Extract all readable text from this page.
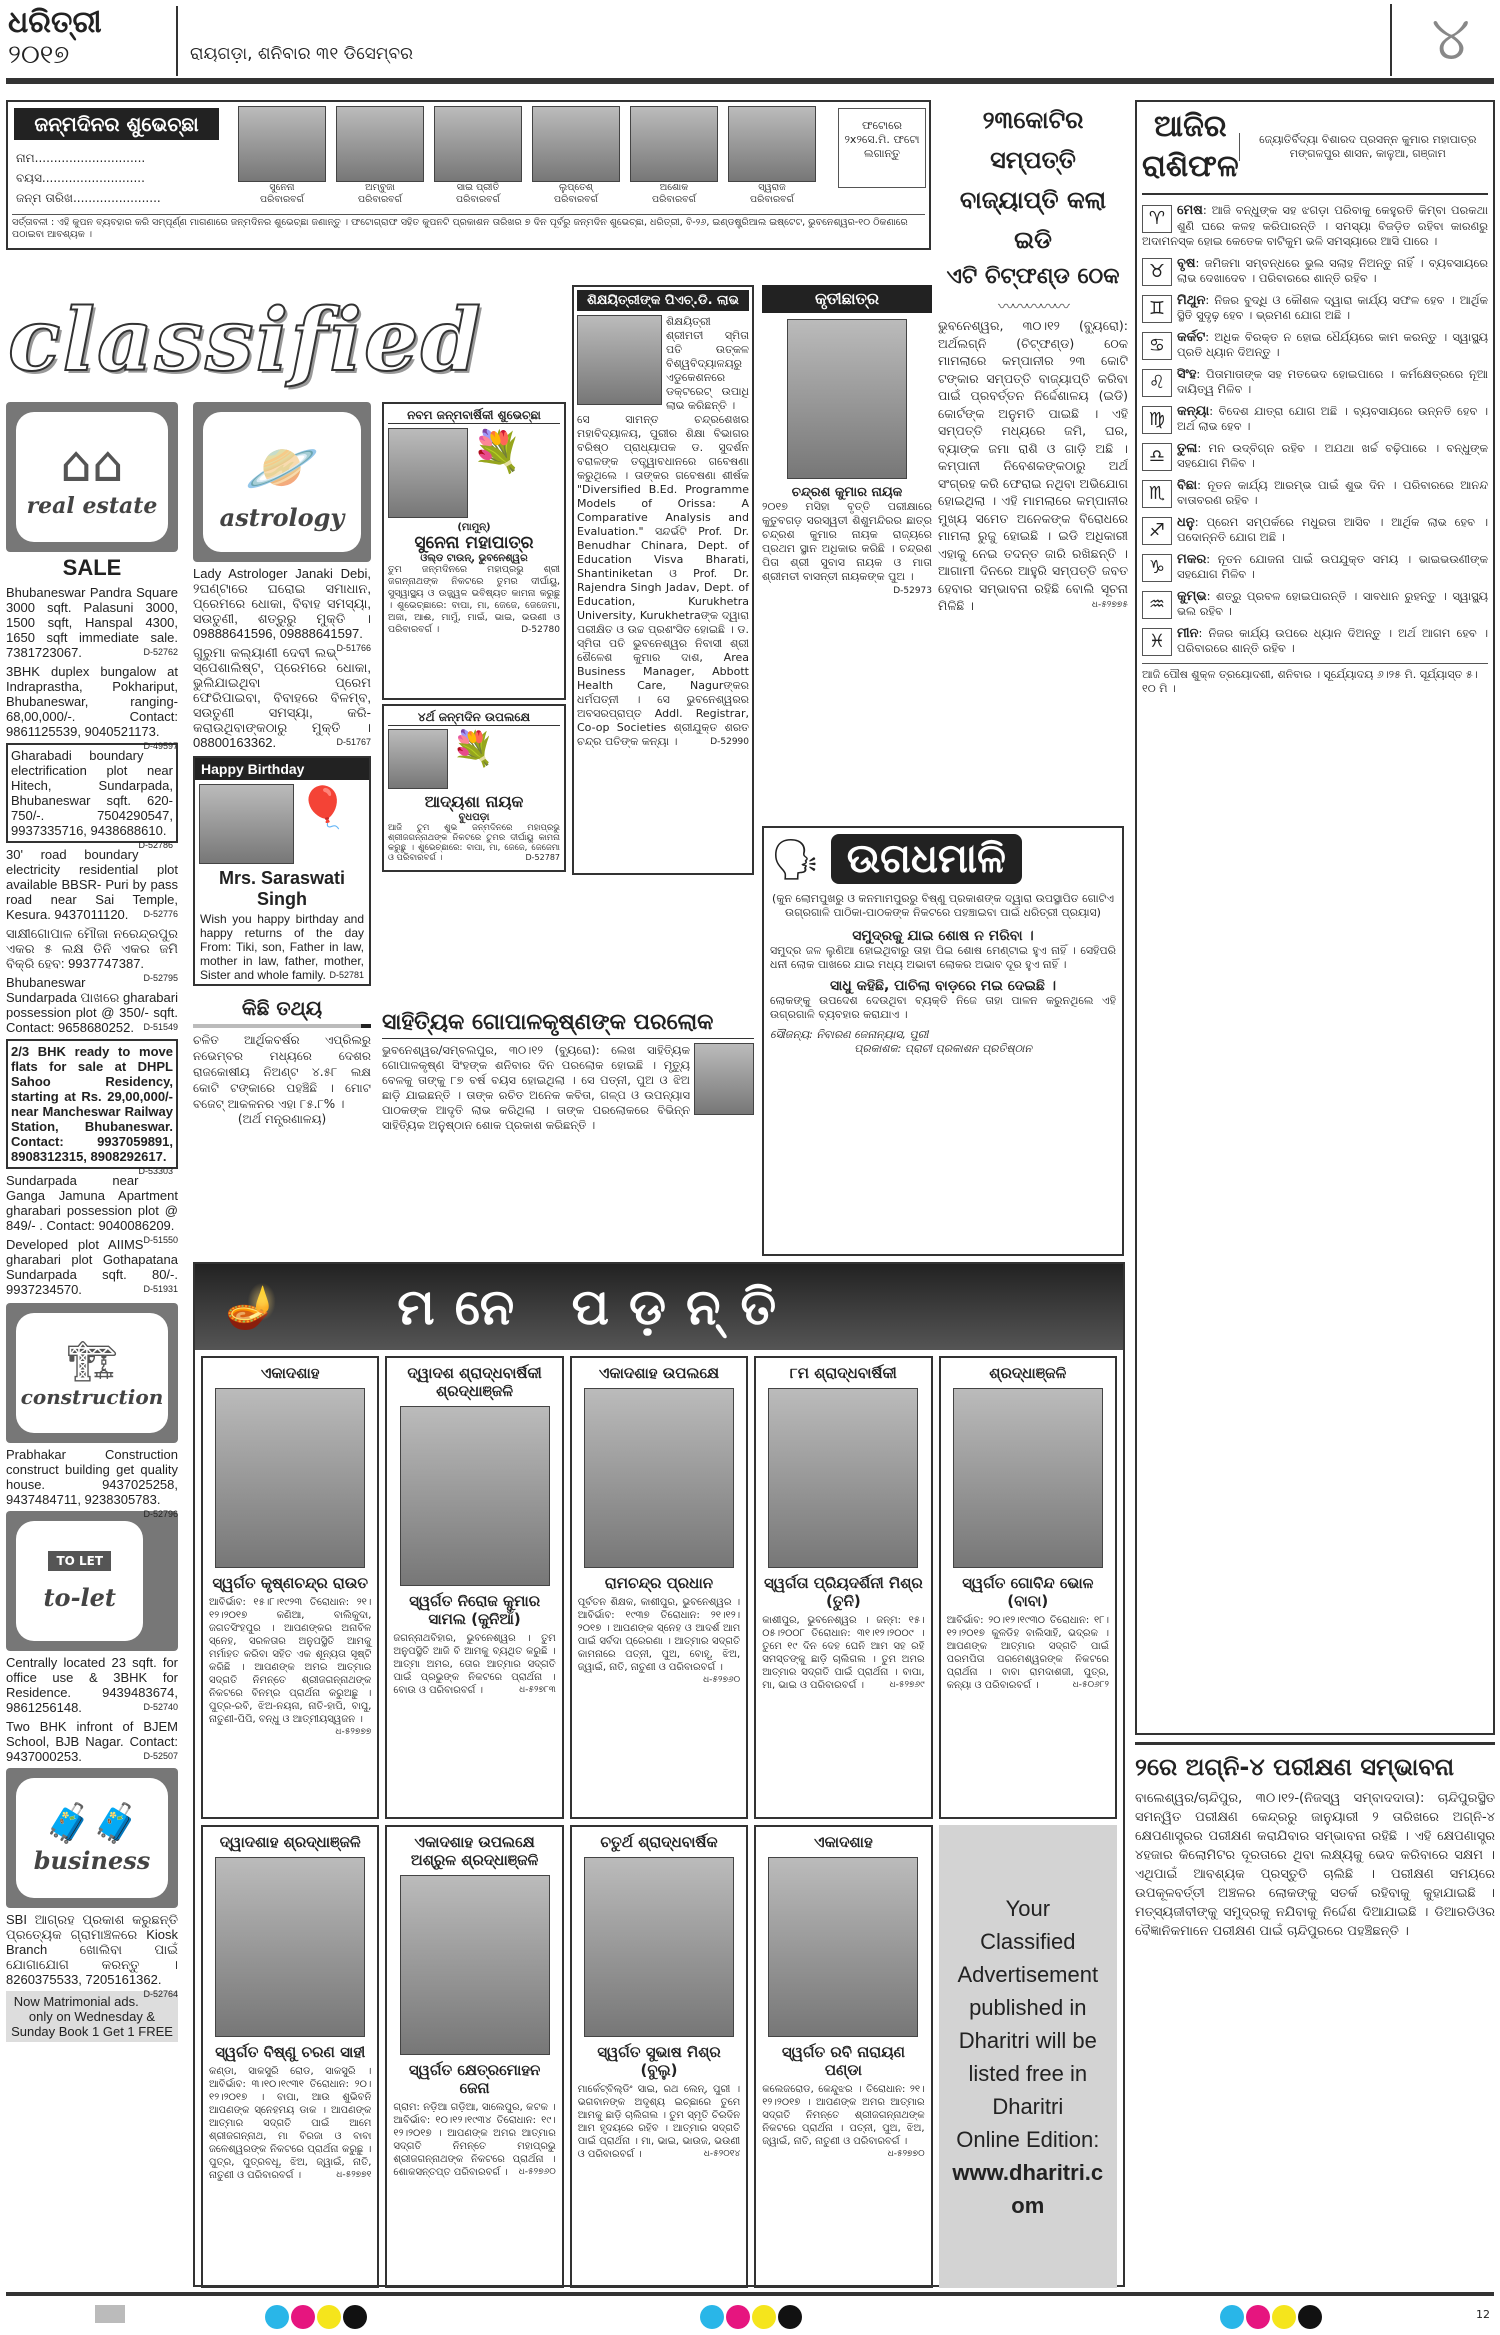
ଧରିତ୍ରୀ
୨୦୧୭	ରାୟଗଡ଼ା, ଶନିବାର ୩୧ ଡିସେମ୍ବର	୪
ଜନ୍ମଦିନର ଶୁଭେଚ୍ଛା
ନାମ.............................
ବୟସ...........................
ଜନ୍ମ ତାରିଖ.......................
ସୁନେନା
ପରିବାରବର୍ଗ
ଅମ୍ବୁଜା
ପରିବାରବର୍ଗ
ସାଇ ପ୍ରୀତି
ପରିବାରବର୍ଗ
ଲୁପ୍ତେଶ୍
ପରିବାରବର୍ଗ
ଅଶୋକ
ପରିବାରବର୍ଗ
ସ୍ୱରାଜ
ପରିବାରବର୍ଗ
ଫଟୋରେ ୨x୨ସେ.ମି. ଫଟୋ ଲଗାନ୍ତୁ
ସର୍ତ୍ତାବଳୀ : ଏହି କୁପନ ବ୍ୟବହାର କରି ସମ୍ପୂର୍ଣ୍ଣ ମାଗଣାରେ ଜନ୍ମଦିନର ଶୁଭେଚ୍ଛା ଜଣାନ୍ତୁ । ଫଟୋଗ୍ରାଫ ସହିତ କୁପନଟି ପ୍ରକାଶନ ତାରିଖର ୭ ଦିନ ପୂର୍ବରୁ ଜନ୍ମଦିନ ଶୁଭେଚ୍ଛା, ଧରିତ୍ରୀ, ବି-୨୬, ଇଣ୍ଡଷ୍ଟ୍ରିଆଲ ଇଷ୍ଟେଟ, ଭୁବନେଶ୍ୱର-୧୦ ଠିକଣାରେ ପଠାଇବା ଆବଶ୍ୟକ ।
classified
⌂⌂
real estate
SALE
Bhubaneswar Pandra Square 3000 sqft. Palasuni 3000, 1500 sqft, Hanspal 4300, 1650 sqft immediate sale. 7381723067.	D-52762
3BHK duplex bungalow at Indraprastha, Pokhariput, Bhubaneswar, ranging- 68,00,000/-. Contact: 9861125539, 9040521173.
D-49597
Gharabadi boundary electrification plot near Hitech, Sundarpada, Bhubaneswar sqft. 620-750/-. 7504290547, 9937335716, 9438688610.
D-52786
30' road boundary electricity residential plot available BBSR- Puri by pass road near Sai Temple, Kesura. 9437011120. D-52776
ସାକ୍ଷୀଗୋପାଳ ମୌଜା ନରେନ୍ଦ୍ରପୁର ଏକର ୫ ଲକ୍ଷ ତିନି ଏକର ଜମି ବିକ୍ରି ହେବ: 9937747387.
D-52795
Bhubaneswar Sundarpada ପାଖରେ gharabari possession plot @ 350/- sqft. Contact: 9658680252. D-51549
2/3 BHK ready to move flats for sale at DHPL Sahoo Residency, starting at Rs. 29,00,000/- near Mancheswar Railway Station, Bhubaneswar. Contact: 9937059891, 8908312315, 8908292617.
D-53303
Sundarpada near Ganga Jamuna Apartment gharabari possession plot @ 849/- . Contact: 9040086209.
D-51550
Developed plot AIIMS gharabari plot Gothapatana Sundarpada sqft. 80/-. 9937234570.	D-51931
🏗
construction
Prabhakar Construction construct building get quality house. 9437025258, 9437484711, 9238305783.
D-52796
TO LET
to-let
Centrally located 23 sqft. for office use & 3BHK for Residence. 9439483674, 9861256148.	D-52740
Two BHK infront of BJEM School, BJB Nagar. Contact: 9437000253.	D-52507
🧳🧳
business
SBI ଆଗ୍ରହ ପ୍ରକାଶ କରୁଛନ୍ତି ପ୍ରତ୍ୟେକ ଗ୍ରାମାଞ୍ଚଳରେ Kiosk Branch ଖୋଲିବା ପାଇଁ ଯୋଗାଯୋଗ କରନ୍ତୁ । 8260375533, 7205161362.
D-52764
Now Matrimonial ads. only on Wednesday & Sunday Book 1 Get 1 FREE
🪐
astrology
Lady Astrologer Janaki Debi, ୨ଘଣ୍ଟାରେ ଘରୋଇ ସମାଧାନ, ପ୍ରେମରେ ଧୋକା, ବିବାହ ସମସ୍ୟା, ସଉତୁଣୀ, ଶତ୍ରୁରୁ ମୁକ୍ତି । 09888641596, 09888641597.
D-51766
ଗୁରୁମା କଲ୍ୟାଣୀ ଦେବୀ ଲଭ୍ ସ୍ପେଶାଲିଷ୍ଟ, ପ୍ରେମରେ ଧୋକା, ଭୁଲିଯାଇଥିବା ପ୍ରେମ ଫେରିପାଇବା, ବିବାହରେ ବିଳମ୍ବ, ସଉତୁଣୀ ସମସ୍ୟା, କରି-କରାଉଥିବାଙ୍କଠାରୁ ମୁକ୍ତି । 08800163362.	D-51767
Happy Birthday
🎈
Mrs. Saraswati Singh
Wish you happy birthday and happy returns of the day From: Tiki, son, Father in law, mother in law, father, mother, Sister and whole family. D-52781
କିଛି ତଥ୍ୟ
ଚଳିତ ଆର୍ଥିକବର୍ଷର ଏପ୍ରିଲରୁ ନଭେମ୍ବର ମଧ୍ୟରେ ଦେଶର ରାଜକୋଷୀୟ ନିଅଣ୍ଟ ୪.୫୮ ଲକ୍ଷ କୋଟି ଟଙ୍କାରେ ପହଞ୍ଚିଛି । ମୋଟ ବଜେଟ୍ ଆକଳନର ଏହା ୮୫.୮% ।
(ଅର୍ଥ ମନ୍ତ୍ରଣାଳୟ)
ନବମ ଜନ୍ମବାର୍ଷିକୀ ଶୁଭେଚ୍ଛା
💐
(ମାମୁନ୍)
ସୁନେନା ମହାପାତ୍ର
ଓଲ୍ଡ ଟାଉନ୍, ଭୁବନେଶ୍ୱର
ତୁମ ଜନ୍ମଦିନରେ ମହାପ୍ରଭୁ ଶ୍ରୀ ଜଗନ୍ନାଥଙ୍କ ନିକଟରେ ତୁମର ଦୀର୍ଘାୟୁ, ସୁସ୍ୱାସ୍ଥ୍ୟ ଓ ଉଜ୍ଜ୍ୱଳ ଭବିଷ୍ୟତ କାମନା କରୁଛୁ । ଶୁଭେଚ୍ଛାରେ: ବାପା, ମା, ଜେଜେ, ଜେଜେମା, ଅଜା, ଆଈ, ମାମୁଁ, ମାଇଁ, ଭାଇ, ଭଉଣୀ ଓ ପରିବାରବର୍ଗ ।	D-52780
୪ର୍ଥ ଜନ୍ମଦିନ ଉପଲକ୍ଷେ
💐
ଆଦ୍ୟଶା ନାୟକ
ବୁଧପଡ଼ା
ଆଜି ତୁମ ଶୁଭ ଜନ୍ମଦିନରେ ମହାପ୍ରଭୁ ଶ୍ରୀଜଗନ୍ନାଥଙ୍କ ନିକଟରେ ତୁମର ଦୀର୍ଘାୟୁ କାମନା କରୁଛୁ । ଶୁଭେଚ୍ଛାରେ: ବାପା, ମା, ଜେଜେ, ଜେଜେମା ଓ ପରିବାରବର୍ଗ ।	D-52787
ଶିକ୍ଷୟିତ୍ରୀଙ୍କ ପିଏଚ୍.ଡି. ଲାଭ
ଶିକ୍ଷୟିତ୍ରୀ ଶ୍ରୀମତୀ ସ୍ମିତା ପତି ଉତ୍କଳ ବିଶ୍ୱବିଦ୍ୟାଳୟରୁ ଏଡୁକେଶନରେ ଡକ୍ଟରେଟ୍ ଉପାଧି ଲାଭ କରିଛନ୍ତି ।
ସେ ସାମନ୍ତ ଚନ୍ଦ୍ରଶେଖର ମହାବିଦ୍ୟାଳୟ, ପୁରୀର ଶିକ୍ଷା ବିଭାଗର ବରିଷ୍ଠ ପ୍ରାଧ୍ୟାପକ ଡ. ସୁଦର୍ଶନ ବରାଳଙ୍କ ତତ୍ତ୍ୱାବଧାନରେ ଗବେଷଣା କରୁଥିଲେ । ତାଙ୍କର ଗବେଷଣା ଶୀର୍ଷକ "Diversified B.Ed. Programme Models of Orissa: A Comparative Analysis and Evaluation." ସନ୍ଦର୍ଭଟି Prof. Dr. Benudhar Chinara, Dept. of Education Visva Bharati, Shantiniketan ଓ Prof. Dr. Rajendra Singh Jadav, Dept. of Education, Kurukhetra University, Kurukhetraଙ୍କ ଦ୍ୱାରା ପରୀକ୍ଷିତ ଓ ଉଚ୍ଚ ପ୍ରଶଂସିତ ହୋଇଛି । ଡ. ସ୍ମିତା ପତି ଭୁବନେଶ୍ୱର ନିବାସୀ ଶ୍ରୀ ଶୈଳେଶ କୁମାର ଦାଶ, Area Business Manager, Abbott Health Care, Nagurଙ୍କର ଧର୍ମପତ୍ନୀ । ସେ ଭୁବନେଶ୍ୱରର ଅବସରପ୍ରାପ୍ତ Addl. Registrar, Co-op Societies ଶ୍ରୀଯୁକ୍ତ ଶରତ ଚନ୍ଦ୍ର ପତିଙ୍କ କନ୍ୟା ।	D-52990
କୃତୀଛାତ୍ର
ଚନ୍ଦ୍ରଶ କୁମାର ନାୟକ
୨୦୧୭ ମସିହା ବୃତ୍ତି ପରୀକ୍ଷାରେ କୁତୁବଗଡ଼ ସରସ୍ୱତୀ ଶିଶୁମନ୍ଦିରର ଛାତ୍ର ଚନ୍ଦ୍ରଶ କୁମାର ନାୟକ ରାଜ୍ୟରେ ପ୍ରଥମ ସ୍ଥାନ ଅଧିକାର କରିଛି । ଚନ୍ଦ୍ରଶ ପିତା ଶ୍ରୀ ସୁବାସ ନାୟକ ଓ ମାତା ଶ୍ରୀମତୀ ବାସନ୍ତୀ ନାୟକଙ୍କ ପୁଅ ।
D-52973
୨୩କୋଟିର ସମ୍ପତ୍ତି ବାଜ୍ୟାପ୍ତି କଲା ଇଡି
ଏଟି ଚିଟ୍‌ଫଣ୍ଡ ଠେକ
〰〰〰〰〰
ଭୁବନେଶ୍ୱର, ୩୦।୧୨ (ବ୍ୟୁରୋ): ଅର୍ଥଲଗ୍ନି (ଚିଟ୍‌ଫଣ୍ଡ) ଠେକ ମାମଲାରେ କମ୍ପାନୀର ୨୩ କୋଟି ଟଙ୍କାର ସମ୍ପତ୍ତି ବାଜ୍ୟାପ୍ତି କରିବା ପାଇଁ ପ୍ରବର୍ତ୍ତନ ନିର୍ଦ୍ଦେଶାଳୟ (ଇଡି) କୋର୍ଟଙ୍କ ଅନୁମତି ପାଇଛି । ଏହି ସମ୍ପତ୍ତି ମଧ୍ୟରେ ଜମି, ଘର, ବ୍ୟାଙ୍କ ଜମା ରାଶି ଓ ଗାଡ଼ି ଅଛି । କମ୍ପାନୀ ନିବେଶକଙ୍କଠାରୁ ଅର୍ଥ ସଂଗ୍ରହ କରି ଫେରାଇ ନଥିବା ଅଭିଯୋଗ ହୋଇଥିଲା । ଏହି ମାମଲାରେ କମ୍ପାନୀର ମୁଖ୍ୟ ସମେତ ଅନେକଙ୍କ ବିରୋଧରେ ମାମଲା ରୁଜୁ ହୋଇଛି । ଇଡି ଅଧିକାରୀ ଏହାକୁ ନେଇ ତଦନ୍ତ ଜାରି ରଖିଛନ୍ତି । ଆଗାମୀ ଦିନରେ ଆହୁରି ସମ୍ପତ୍ତି ଜବତ ହେବାର ସମ୍ଭାବନା ରହିଛି ବୋଲି ସୂଚନା ମିଳିଛି ।	ଧ-୫୨୭୭୫
ସାହିତ୍ୟିକ ଗୋପାଳକୃଷ୍ଣଙ୍କ ପରଲୋକ
ଭୁବନେଶ୍ୱର/ସମ୍ବଲପୁର, ୩୦।୧୨ (ବ୍ୟୁରୋ): ଲେଖ ସାହିତ୍ୟିକ ଗୋପାଳକୃଷ୍ଣ ସିଂହଙ୍କ ଶନିବାର ଦିନ ପରଲୋକ ହୋଇଛି । ମୃତ୍ୟୁ ବେଳକୁ ତାଙ୍କୁ ୮୭ ବର୍ଷ ବୟସ ହୋଇଥିଲା । ସେ ପତ୍ନୀ, ପୁଅ ଓ ଝିଅ ଛାଡ଼ି ଯାଇଛନ୍ତି । ତାଙ୍କ ରଚିତ ଅନେକ କବିତା, ଗଳ୍ପ ଓ ଉପନ୍ୟାସ ପାଠକଙ୍କ ଆଦୃତି ଲାଭ କରିଥିଲା । ତାଙ୍କ ପରଲୋକରେ ବିଭିନ୍ନ ସାହିତ୍ୟିକ ଅନୁଷ୍ଠାନ ଶୋକ ପ୍ରକାଶ କରିଛନ୍ତି ।
🗣 ଉଗଧମାଳି
(କୁନ ଲୋମପୁଖରୁ ଓ କନମାମପୁରରୁ ବିଷ୍ଣୁ ପ୍ରକାଶଙ୍କ ଦ୍ୱାରା ଉପସ୍ଥାପିତ ଗୋଟିଏ ଉଗ୍ରଗାଳି ପାଠିକା-ପାଠକଙ୍କ ନିକଟରେ ପହଞ୍ଚାଇବା ପାଇଁ ଧରିତ୍ରୀ ପ୍ରୟାସ)
ସମୁଦ୍ରକୁ ଯାଇ ଶୋଷ ନ ମରିବା ।
ସମୁଦ୍ର ଜଳ ଲୁଣିଆ ହୋଇଥିବାରୁ ତାହା ପିଇ ଶୋଷ ମେଣ୍ଟାଇ ହୁଏ ନାହିଁ । ସେହିପରି ଧନୀ ଲୋକ ପାଖରେ ଯାଇ ମଧ୍ୟ ଅଭାବୀ ଲୋକର ଅଭାବ ଦୂର ହୁଏ ନାହିଁ ।
ସାଧୁ କହିଛି, ପାଚିଲା ବାଡ଼ରେ ମଇ ଦେଇଛି ।
ଲୋକଙ୍କୁ ଉପଦେଶ ଦେଉଥିବା ବ୍ୟକ୍ତି ନିଜେ ତାହା ପାଳନ କରୁନଥିଲେ ଏହି ଉଗ୍ରଗାଳି ବ୍ୟବହାର କରାଯାଏ ।
ସୌଜନ୍ୟ: ନିବାରଣ ଜେନାନ୍ୟାସ, ପୁରୀ
ପ୍ରକାଶକ: ପ୍ରାଚୀ ପ୍ରକାଶନ ପ୍ରତିଷ୍ଠାନ
🪔 ମନେ ପଡ଼ନ୍ତି
ଏକାଦଶାହ
ସ୍ୱର୍ଗତ କୃଷ୍ଣଚନ୍ଦ୍ର ରାଉତ
ଆବିର୍ଭାବ: ୧୫।୮।୧୯୨୩ ତିରୋଧାନ: ୨୧।୧୨।୨୦୧୭ କଣିଆ, ବାଲିକୁଦା, ଜଗତସିଂହପୁର । ଆପଣଙ୍କର ଅନାବିଳ ସ୍ନେହ, ସରଳତାର ଅନୁପସ୍ଥିତି ଆମକୁ ମର୍ମାହତ କରିବା ସହିତ ଏକ ଶୂନ୍ୟତା ସୃଷ୍ଟି କରିଛି । ଆପଣଙ୍କ ଅମର ଆତ୍ମାର ସଦ୍‌ଗତି ନିମନ୍ତେ ଶ୍ରୀଜଗନ୍ନାଥଙ୍କ ନିକଟରେ ବିନମ୍ର ପ୍ରାର୍ଥନା କରୁଅଛୁ । ପୁତ୍ର-ରବି, ଝିଅ-ନୟନା, ନାତି-ହାପି, ବାପୁ, ନାତୁଣୀ-ପିପି, ବନ୍ଧୁ ଓ ଆତ୍ମୀୟସ୍ୱଜନ ।
ଧ-୫୨୭୭୭
ଦ୍ୱାଦଶ ଶ୍ରାଦ୍ଧବାର୍ଷିକୀ ଶ୍ରଦ୍ଧାଞ୍ଜଳି
ସ୍ୱର୍ଗତ ନିରୋଜ କୁମାର ସାମଲ (କୁନିଆଁ)
ଜଗନ୍ନାଥବିହାର, ଭୁବନେଶ୍ୱର । ତୁମ ଅନୁପସ୍ଥିତି ଆଜି ବି ଆମକୁ ବ୍ୟଥିତ କରୁଛି । ଆତ୍ମା ଅମର, ତୋର ଆତ୍ମାର ସଦ୍‌ଗତି ପାଇଁ ପ୍ରଭୁଙ୍କ ନିକଟରେ ପ୍ରାର୍ଥନା । ବୋଉ ଓ ପରିବାରବର୍ଗ ।	ଧ-୫୨୭୮୩
ଏକାଦଶାହ ଉପଲକ୍ଷେ
ରାମଚନ୍ଦ୍ର ପ୍ରଧାନ
ପୂର୍ବତନ ଶିକ୍ଷକ, କାଶୀପୁର, ଭୁବନେଶ୍ୱର । ଆବିର୍ଭାବ: ୧୯୩୭ ତିରୋଧାନ: ୨୧।୧୨।୨୦୧୭ । ଆପଣଙ୍କ ସ୍ନେହ ଓ ଆଦର୍ଶ ଆମ ପାଇଁ ସର୍ବଦା ପ୍ରେରଣା । ଆତ୍ମାର ସଦ୍‌ଗତି କାମନାରେ ପତ୍ନୀ, ପୁଅ, ବୋହୂ, ଝିଅ, ଜ୍ୱାଇଁ, ନାତି, ନାତୁଣୀ ଓ ପରିବାରବର୍ଗ ।
ଧ-୫୨୭୬୦
୮ମ ଶ୍ରାଦ୍ଧବାର୍ଷିକୀ
ସ୍ୱର୍ଗତା ପ୍ରିୟଦର୍ଶିନୀ ମିଶ୍ର (ତୁନି)
କାଶୀପୁର, ଭୁବନେଶ୍ୱର । ଜନ୍ମ: ୧୫।୦୫।୨୦୦୮ ତିରୋଧାନ: ୩୧।୧୨।୨୦୦୯ । ତୁମେ ୧୯ ଦିନ ଦେହ ଘେନି ଆମ ସହ ରହି ସମସ୍ତଙ୍କୁ ଛାଡ଼ି ଚାଲିଗଲ । ତୁମ ଅମର ଆତ୍ମାର ସଦ୍‌ଗତି ପାଇଁ ପ୍ରାର୍ଥନା । ବାପା, ମା, ଭାଇ ଓ ପରିବାରବର୍ଗ ।	ଧ-୫୨୭୬୯
ଶ୍ରଦ୍ଧାଞ୍ଜଳି
ସ୍ୱର୍ଗତ ଗୋବିନ୍ଦ ଭୋଳ (ବାବା)
ଆବିର୍ଭାବ: ୨୦।୧୨।୧୯୩୦ ତିରୋଧାନ: ୧୮।୧୨।୨୦୧୭ କୁଳଡିହ ବାଲିସାହି, ଭଦ୍ରକ । ଆପଣଙ୍କ ଆତ୍ମାର ସଦ୍‌ଗତି ପାଇଁ ପରମପିତା ପରମେଶ୍ୱରଙ୍କ ନିକଟରେ ପ୍ରାର୍ଥନା । ବାବା ରାମଦାଶଜୀ, ପୁତ୍ର, କନ୍ୟା ଓ ପରିବାରବର୍ଗ ।	ଧ-୫୦୬୮୨
ଦ୍ୱାଦଶାହ ଶ୍ରଦ୍ଧାଞ୍ଜଳି
ସ୍ୱର୍ଗତ ବିଷ୍ଣୁ ଚରଣ ସାହୀ
କଣ୍ଡା, ସାକସୁରି ରୋଡ, ସାକସୁରି । ଆବିର୍ଭାବ: ୩।୧୦।୧୯୩୧ ତିରୋଧାନ: ୨୦।୧୨।୨୦୧୭ । ବାପା, ଆଉ ଶୁଭିବନି ଆପଣଙ୍କ ସ୍ନେହମୟ ଡାକ । ଆପଣଙ୍କ ଆତ୍ମାର ସଦ୍‌ଗତି ପାଇଁ ଆମେ ଶ୍ରୀଜଗନ୍ନାଥ, ମା ବିରଜା ଓ ବାବା ଜଳେଶ୍ୱରଙ୍କ ନିକଟରେ ପ୍ରାର୍ଥନା କରୁଛୁ । ପୁତ୍ର, ପୁତ୍ରବଧୂ, ଝିଅ, ଜ୍ୱାଇଁ, ନାତି, ନାତୁଣୀ ଓ ପରିବାରବର୍ଗ ।	ଧ-୫୨୭୭୧
ଏକାଦଶାହ ଉପଲକ୍ଷେ ଅଶ୍ରୁଳ ଶ୍ରଦ୍ଧାଞ୍ଜଳି
ସ୍ୱର୍ଗତ କ୍ଷେତ୍ରମୋହନ ଜେନା
ଗ୍ରାମ: ନଡ଼ିଆ ଗଡ଼ିଆ, ସାଲେପୁର, କଟକ । ଆବିର୍ଭାବ: ୧୦।୧୨।୧୯୩୪ ତିରୋଧାନ: ୧୯।୧୨।୨୦୧୭ । ଆପଣଙ୍କ ଅମର ଆତ୍ମାର ସଦ୍‌ଗତି ନିମନ୍ତେ ମହାପ୍ରଭୁ ଶ୍ରୀଜଗନ୍ନାଥଙ୍କ ନିକଟରେ ପ୍ରାର୍ଥନା । ଶୋକସନ୍ତପ୍ତ ପରିବାରବର୍ଗ । ଧ-୫୨୭୬୦
ଚତୁର୍ଥ ଶ୍ରାଦ୍ଧବାର୍ଷିକ
ସ୍ୱର୍ଗତ ସୁଭାଷ ମିଶ୍ର (ବୁଲୁ)
ମାର୍କେଟ୍‌ବିଲ୍ଡିଂ ସାଇ, ରଥ ଲେନ୍, ପୁରୀ । ଭଗବାନଙ୍କ ଅଦୃଶ୍ୟ ଇଚ୍ଛାରେ ତୁମେ ଆମକୁ ଛାଡ଼ି ଚାଲିଗଲ । ତୁମ ସ୍ମୃତି ଚିରଦିନ ଆମ ହୃଦୟରେ ରହିବ । ଆତ୍ମାର ସଦ୍‌ଗତି ପାଇଁ ପ୍ରାର୍ଥନା । ମା, ଭାଇ, ଭାଉଜ, ଭଉଣୀ ଓ ପରିବାରବର୍ଗ ।	ଧ-୫୨୦୧୪
ଏକାଦଶାହ
ସ୍ୱର୍ଗତ ରବି ନାରାୟଣ ପଣ୍ଡା
କଲେଜରୋଡ, କେନ୍ଦୁଝର । ତିରୋଧାନ: ୨୧।୧୨।୨୦୧୭ । ଆପଣଙ୍କ ଅମର ଆତ୍ମାର ସଦ୍‌ଗତି ନିମନ୍ତେ ଶ୍ରୀଜଗନ୍ନାଥଙ୍କ ନିକଟରେ ପ୍ରାର୍ଥନା । ପତ୍ନୀ, ପୁଅ, ଝିଅ, ଜ୍ୱାଇଁ, ନାତି, ନାତୁଣୀ ଓ ପରିବାରବର୍ଗ ।
ଧ-୫୨୭୭୦
Your
Classified
Advertisement
published in
Dharitri will be
listed free in
Dharitri
Online Edition:
www.dharitri.com
ଆଜିର ରାଶିଫଳ
ଜ୍ୟୋତିର୍ବିଦ୍ୟା ବିଶାରଦ ପ୍ରସନ୍ନ କୁମାର ମହାପାତ୍ର ମଙ୍ଗଳପୁର ଶାସନ, କାଳୁଆ, ଗଞ୍ଜାମ
♈ ମେଷ: ଆଜି ବନ୍ଧୁଙ୍କ ସହ ଝଗଡ଼ା ପରିବାକୁ କେହୁରତି କିମ୍ବା ପରକଥା ଶୁଣି ଘରେ କଳହ କରିପାରନ୍ତି । ସମସ୍ୟା ବିଜଡ଼ିତ ରହିବା କାରଣରୁ ଅଦାମନସ୍କ ହୋଇ କେତେକ ବାଟିକୁମ ଭଳି ସମସ୍ୟାରେ ଆସି ପାରେ ।
♉ ବୃଷ: ଜମିଜମା ସମ୍ବନ୍ଧରେ ଭୁଲ ସଲାହ ନିଅନ୍ତୁ ନାହିଁ । ବ୍ୟବସାୟରେ ଲାଭ ଦେଖାଦେବ । ପରିବାରରେ ଶାନ୍ତି ରହିବ ।
♊ ମିଥୁନ: ନିଜର ବୁଦ୍ଧି ଓ କୌଶଳ ଦ୍ୱାରା କାର୍ଯ୍ୟ ସଫଳ ହେବ । ଆର୍ଥିକ ସ୍ଥିତି ସୁଦୃଢ଼ ହେବ । ଭ୍ରମଣ ଯୋଗ ଅଛି ।
♋ କର୍କଟ: ଅଧିକ ବିରକ୍ତ ନ ହୋଇ ଧୈର୍ଯ୍ୟରେ କାମ କରନ୍ତୁ । ସ୍ୱାସ୍ଥ୍ୟ ପ୍ରତି ଧ୍ୟାନ ଦିଅନ୍ତୁ ।
♌ ସିଂହ: ପିତାମାତାଙ୍କ ସହ ମତଭେଦ ହୋଇପାରେ । କର୍ମକ୍ଷେତ୍ରରେ ନୂଆ ଦାୟିତ୍ୱ ମିଳିବ ।
♍ କନ୍ୟା: ବିଦେଶ ଯାତ୍ରା ଯୋଗ ଅଛି । ବ୍ୟବସାୟରେ ଉନ୍ନତି ହେବ । ଅର୍ଥ ଲାଭ ହେବ ।
♎ ତୁଳା: ମନ ଉଦ୍‌ବିଗ୍ନ ରହିବ । ଅଯଥା ଖର୍ଚ୍ଚ ବଢ଼ିପାରେ । ବନ୍ଧୁଙ୍କ ସହଯୋଗ ମିଳିବ ।
♏ ବିଛା: ନୂତନ କାର୍ଯ୍ୟ ଆରମ୍ଭ ପାଇଁ ଶୁଭ ଦିନ । ପରିବାରରେ ଆନନ୍ଦ ବାତାବରଣ ରହିବ ।
♐ ଧନୁ: ପ୍ରେମ ସମ୍ପର୍କରେ ମଧୁରତା ଆସିବ । ଆର୍ଥିକ ଲାଭ ହେବ । ପଦୋନ୍ନତି ଯୋଗ ଅଛି ।
♑ ମକର: ନୂତନ ଯୋଜନା ପାଇଁ ଉପଯୁକ୍ତ ସମୟ । ଭାଇଭଉଣୀଙ୍କ ସହଯୋଗ ମିଳିବ ।
♒ କୁମ୍ଭ: ଶତ୍ରୁ ପ୍ରବଳ ହୋଇପାରନ୍ତି । ସାବଧାନ ରୁହନ୍ତୁ । ସ୍ୱାସ୍ଥ୍ୟ ଭଲ ରହିବ ।
♓ ମୀନ: ନିଜର କାର୍ଯ୍ୟ ଉପରେ ଧ୍ୟାନ ଦିଅନ୍ତୁ । ଅର୍ଥ ଆଗମ ହେବ । ପରିବାରରେ ଶାନ୍ତି ରହିବ ।
ଆଜି ପୌଷ ଶୁକ୍ଳ ତ୍ରୟୋଦଶୀ, ଶନିବାର । ସୂର୍ଯ୍ୟୋଦୟ ୬।୨୫ ମି. ସୂର୍ଯ୍ୟାସ୍ତ ୫।୧୦ ମି ।
୨ରେ ଅଗ୍ନି-୪ ପରୀକ୍ଷଣ ସମ୍ଭାବନା
ବାଲେଶ୍ୱର/ଚାନ୍ଦିପୁର, ୩୦।୧୨-(ନିଜସ୍ୱ ସମ୍ବାଦଦାତା): ଚାନ୍ଦିପୁରସ୍ଥିତ ସମନ୍ୱିତ ପରୀକ୍ଷଣ କେନ୍ଦ୍ରରୁ ଜାନୁୟାରୀ ୨ ତାରିଖରେ ଅଗ୍ନି-୪ କ୍ଷେପଣାସ୍ତ୍ରର ପରୀକ୍ଷଣ କରାଯିବାର ସମ୍ଭାବନା ରହିଛି । ଏହି କ୍ଷେପଣାସ୍ତ୍ର ୪ହଜାର କିଲୋମିଟର ଦୂରତାରେ ଥିବା ଲକ୍ଷ୍ୟକୁ ଭେଦ କରିବାରେ ସକ୍ଷମ । ଏଥିପାଇଁ ଆବଶ୍ୟକ ପ୍ରସ୍ତୁତି ଚାଲିଛି । ପରୀକ୍ଷଣ ସମୟରେ ଉପକୂଳବର୍ତ୍ତୀ ଅଞ୍ଚଳର ଲୋକଙ୍କୁ ସତର୍କ ରହିବାକୁ କୁହାଯାଇଛି । ମତ୍ସ୍ୟଜୀବୀଙ୍କୁ ସମୁଦ୍ରକୁ ନଯିବାକୁ ନିର୍ଦ୍ଦେଶ ଦିଆଯାଇଛି । ଡିଆରଡିଓର ବୈଜ୍ଞାନିକମାନେ ପରୀକ୍ଷଣ ପାଇଁ ଚାନ୍ଦିପୁରରେ ପହଞ୍ଚିଛନ୍ତି ।
12
